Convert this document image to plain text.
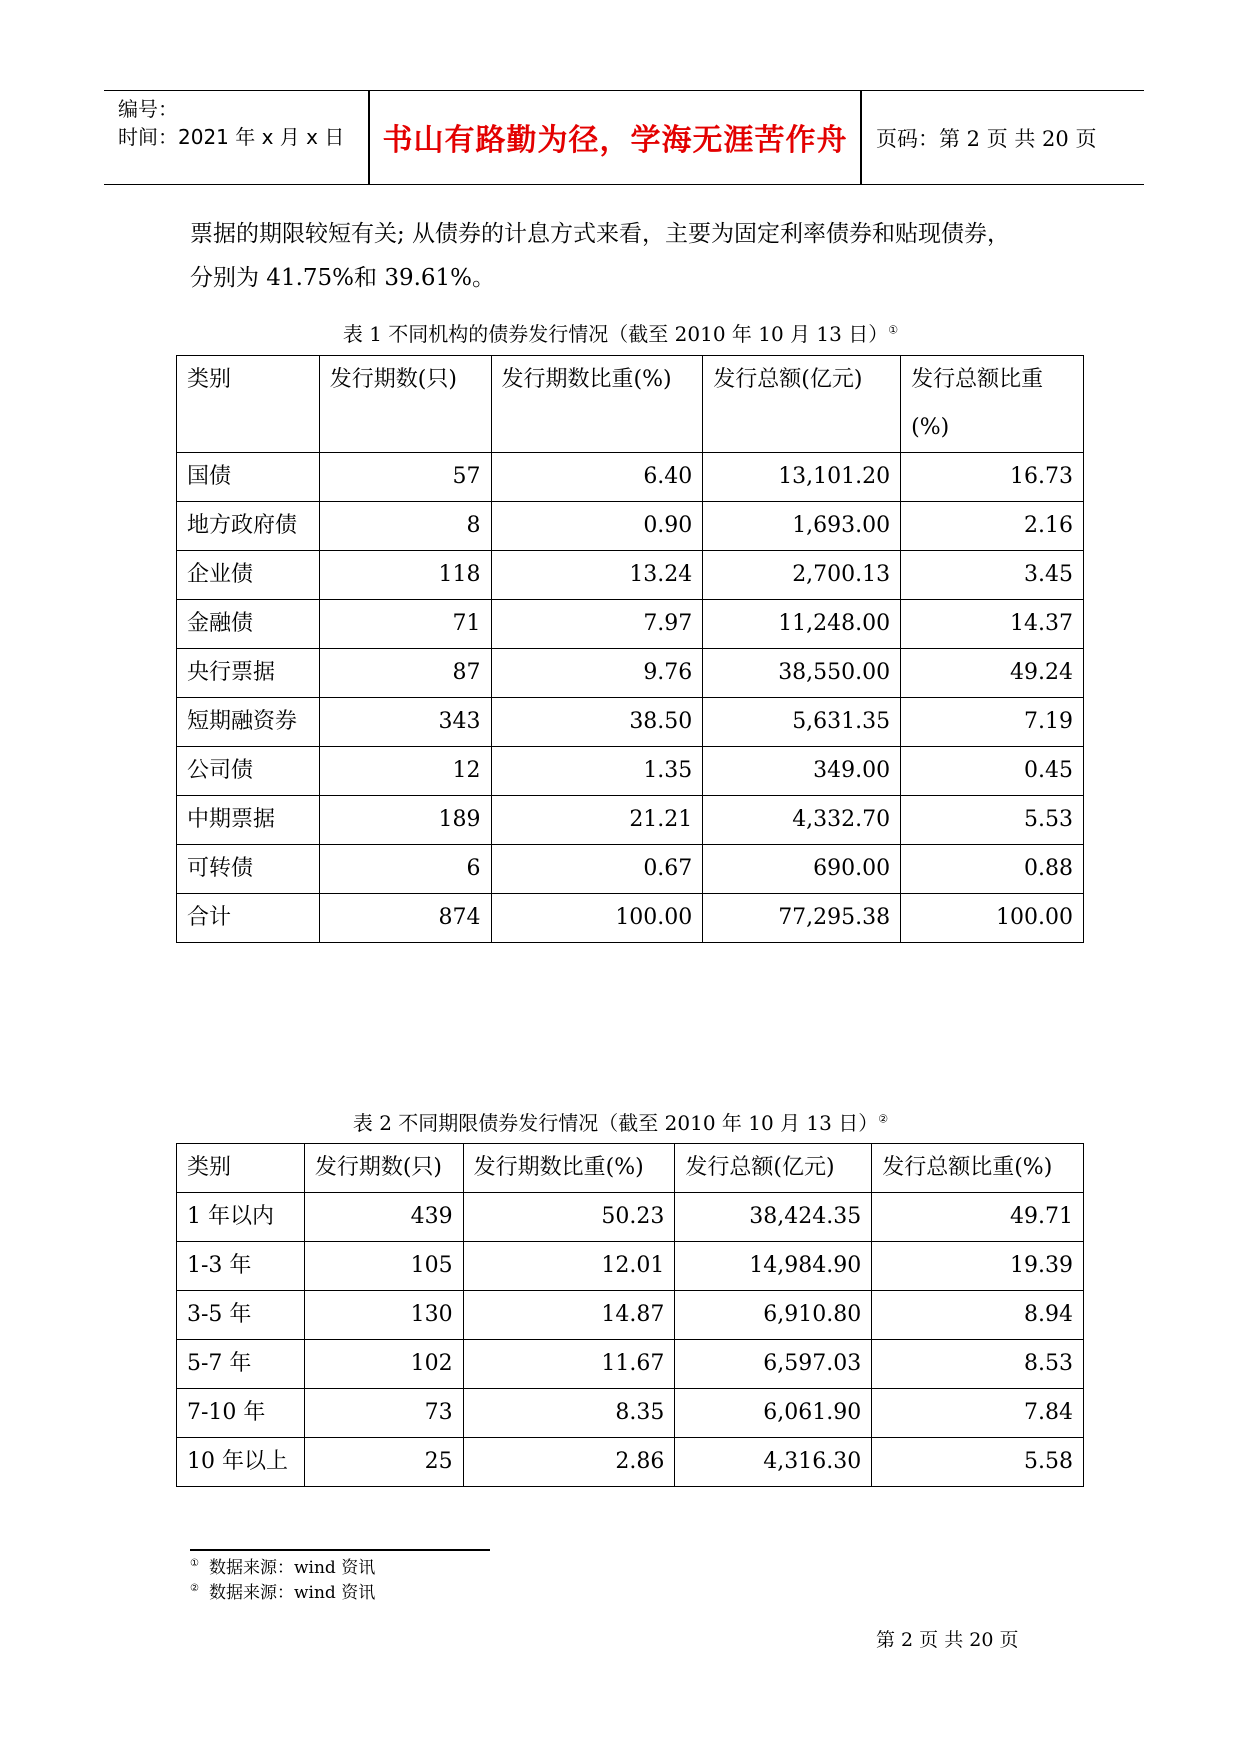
编号：
时间：2021 年 x 月 x 日	书山有路勤为径，学海无涯苦作舟	页码：第 2 页 共 20 页
票据的期限较短有关; 从债券的计息方式来看，主要为固定利率债券和贴现债券，
分别为 41.75%和 39.61%。
表 1 不同机构的债券发行情况（截至 2010 年 10 月 13 日）①
类别	发行期数(只)	发行期数比重(%)	发行总额(亿元)	发行总额比重(%)
国债	57	6.40	13,101.20	16.73
地方政府债	8	0.90	1,693.00	2.16
企业债	118	13.24	2,700.13	3.45
金融债	71	7.97	11,248.00	14.37
央行票据	87	9.76	38,550.00	49.24
短期融资券	343	38.50	5,631.35	7.19
公司债	12	1.35	349.00	0.45
中期票据	189	21.21	4,332.70	5.53
可转债	6	0.67	690.00	0.88
合计	874	100.00	77,295.38	100.00
表 2 不同期限债券发行情况（截至 2010 年 10 月 13 日）②
类别	发行期数(只)	发行期数比重(%)	发行总额(亿元)	发行总额比重(%)
1 年以内	439	50.23	38,424.35	49.71
1-3 年	105	12.01	14,984.90	19.39
3-5 年	130	14.87	6,910.80	8.94
5-7 年	102	11.67	6,597.03	8.53
7-10 年	73	8.35	6,061.90	7.84
10 年以上	25	2.86	4,316.30	5.58
① 数据来源：wind 资讯
② 数据来源：wind 资讯
第 2 页 共 20 页
